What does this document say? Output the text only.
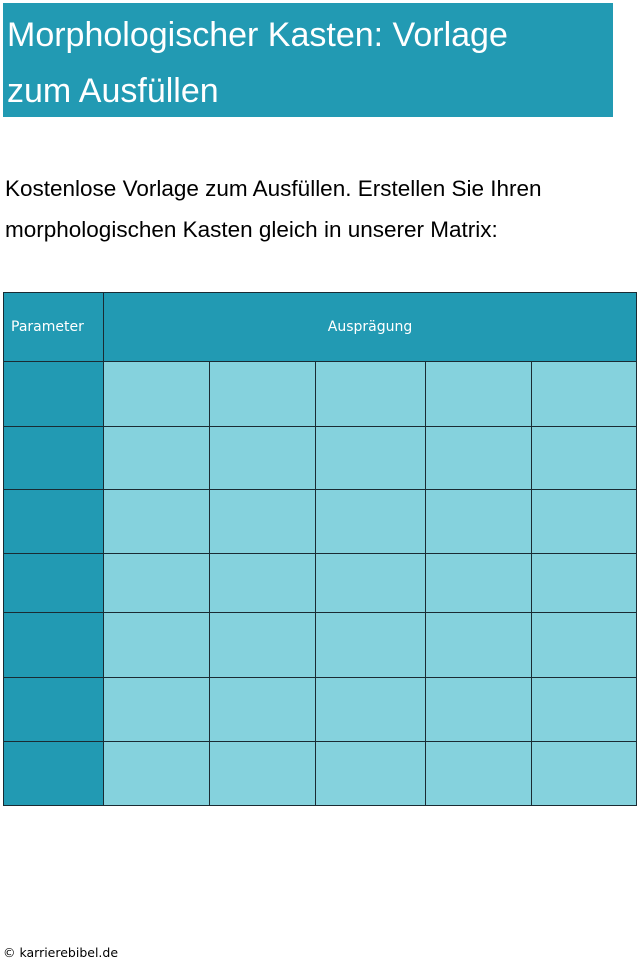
Morphologischer Kasten: Vorlage
zum Ausfüllen

Kostenlose Vorlage zum Ausfüllen. Erstellen Sie Ihren
morphologischen Kasten gleich in unserer Matrix:

Parameter	Ausprägung				

© karrierebibel.de
